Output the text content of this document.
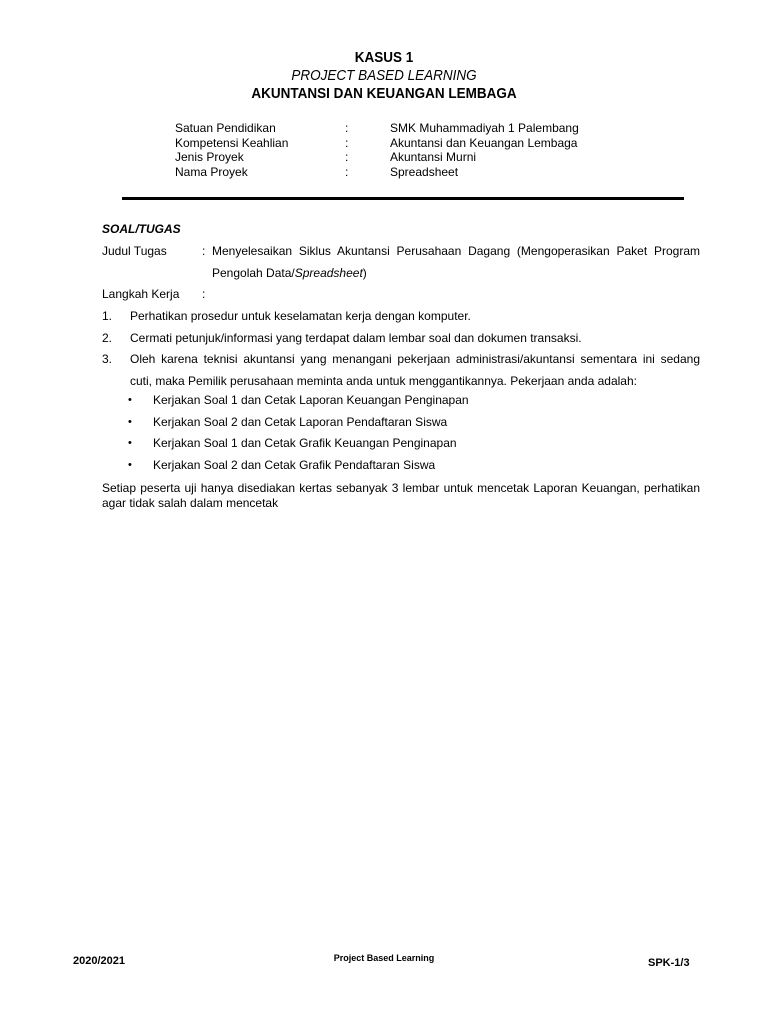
KASUS 1
PROJECT BASED LEARNING
AKUNTANSI DAN KEUANGAN LEMBAGA
Satuan Pendidikan	:	SMK Muhammadiyah 1 Palembang
Kompetensi Keahlian	:	Akuntansi dan Keuangan Lembaga
Jenis Proyek	:	Akuntansi Murni
Nama Proyek	:	Spreadsheet
SOAL/TUGAS
Judul Tugas	: Menyelesaikan Siklus Akuntansi Perusahaan Dagang (Mengoperasikan Paket Program Pengolah Data/Spreadsheet)
Langkah Kerja :
1. Perhatikan prosedur untuk keselamatan kerja dengan komputer.
2. Cermati petunjuk/informasi yang terdapat dalam lembar soal dan dokumen transaksi.
3. Oleh karena teknisi akuntansi yang menangani pekerjaan administrasi/akuntansi sementara ini sedang cuti, maka Pemilik perusahaan meminta anda untuk menggantikannya. Pekerjaan anda adalah:
• Kerjakan Soal 1 dan Cetak Laporan Keuangan Penginapan
• Kerjakan Soal 2 dan Cetak Laporan Pendaftaran Siswa
• Kerjakan Soal 1 dan Cetak Grafik Keuangan Penginapan
• Kerjakan Soal 2 dan Cetak Grafik Pendaftaran Siswa
Setiap peserta uji hanya disediakan kertas sebanyak 3 lembar untuk mencetak Laporan Keuangan, perhatikan agar tidak salah dalam mencetak
2020/2021	Project Based Learning	SPK-1/3
